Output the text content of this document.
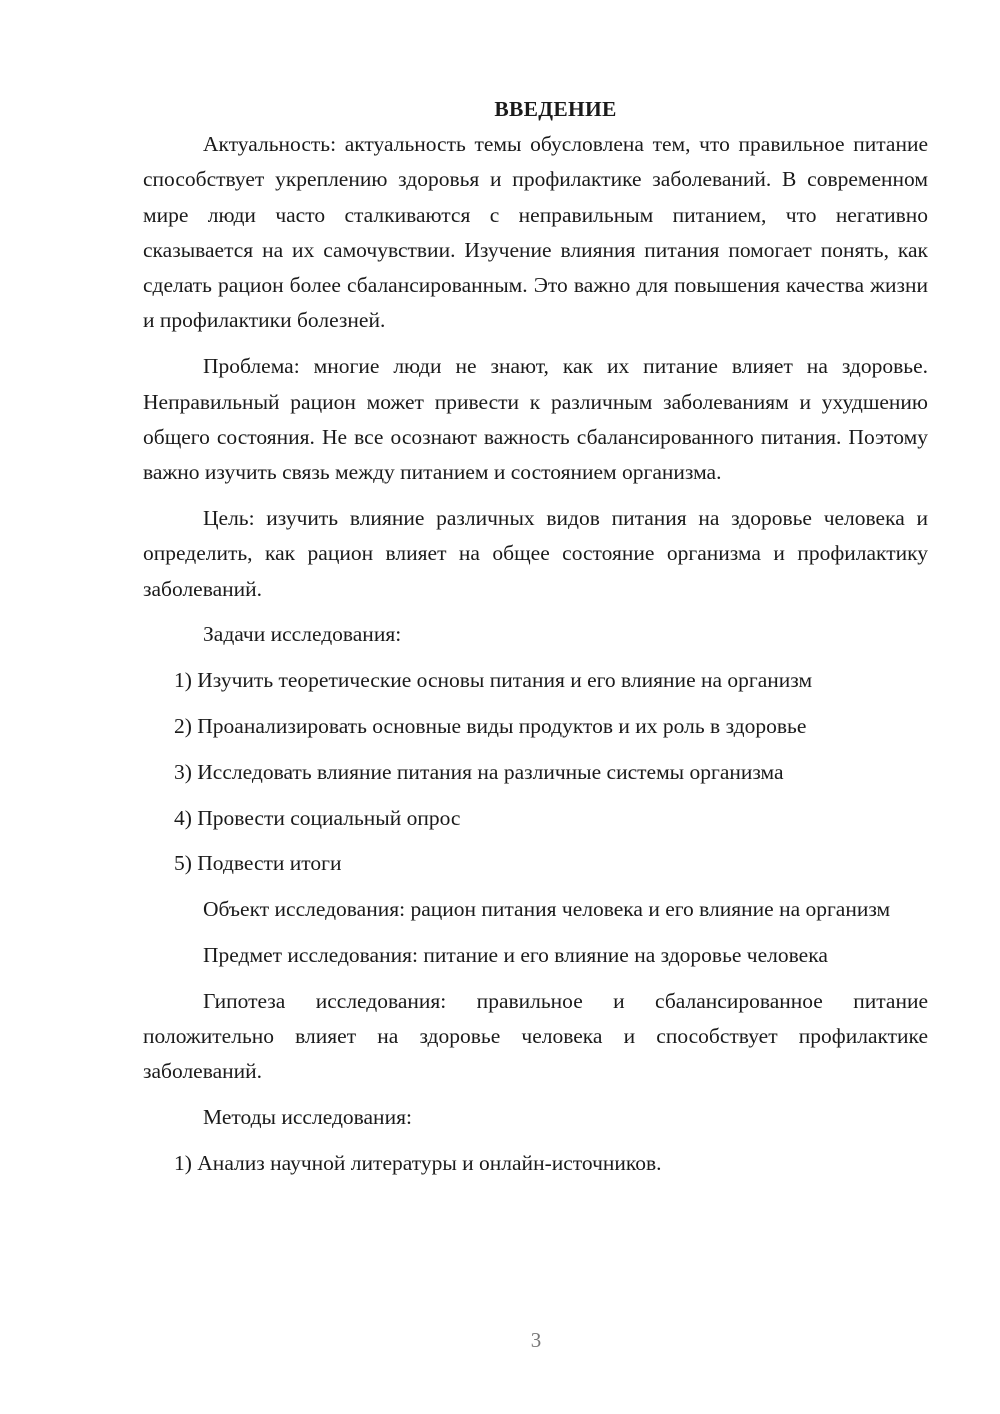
ВВЕДЕНИЕ

Актуальность: актуальность темы обусловлена тем, что правильное питание способствует укреплению здоровья и профилактике заболеваний. В современном мире люди часто сталкиваются с неправильным питанием, что негативно сказывается на их самочувствии. Изучение влияния питания помогает понять, как сделать рацион более сбалансированным. Это важно для повышения качества жизни и профилактики болезней.

Проблема: многие люди не знают, как их питание влияет на здоровье. Неправильный рацион может привести к различным заболеваниям и ухудшению общего состояния. Не все осознают важность сбалансированного питания. Поэтому важно изучить связь между питанием и состоянием организма.

Цель: изучить влияние различных видов питания на здоровье человека и определить, как рацион влияет на общее состояние организма и профилактику заболеваний.

Задачи исследования:

1) Изучить теоретические основы питания и его влияние на организм

2) Проанализировать основные виды продуктов и их роль в здоровье

3) Исследовать влияние питания на различные системы организма

4) Провести социальный опрос

5) Подвести итоги

Объект исследования: рацион питания человека и его влияние на организм

Предмет исследования: питание и его влияние на здоровье человека

Гипотеза исследования: правильное и сбалансированное питание положительно влияет на здоровье человека и способствует профилактике заболеваний.

Методы исследования:

1) Анализ научной литературы и онлайн-источников.

3
